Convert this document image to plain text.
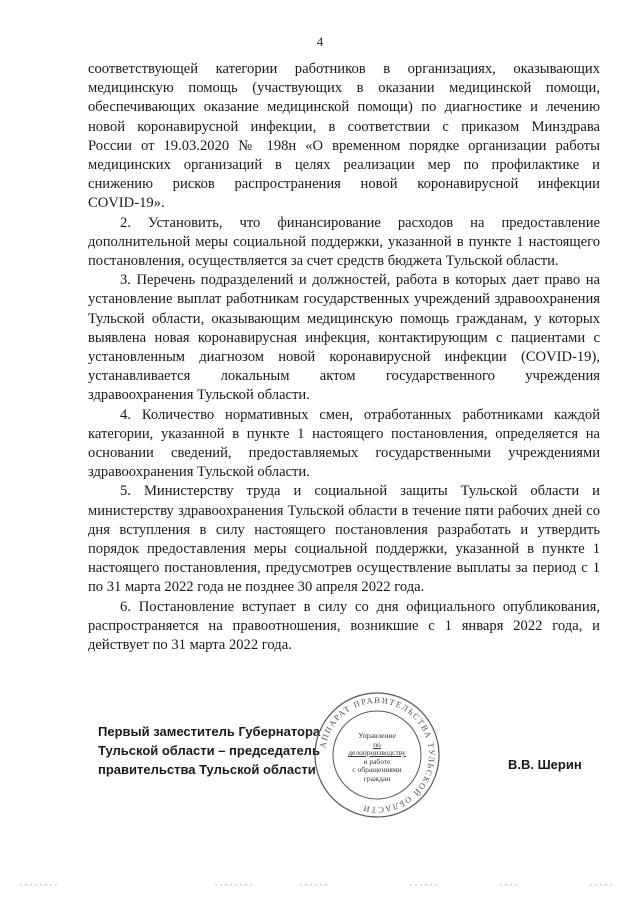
4

соответствующей категории работников в организациях, оказывающих
медицинскую помощь (участвующих в оказании медицинской помощи,
обеспечивающих оказание медицинской помощи) по диагностике и лечению
новой коронавирусной инфекции, в соответствии с приказом Минздрава
России от 19.03.2020 № 198н «О временном порядке организации работы
медицинских организаций в целях реализации мер по профилактике и
снижению рисков распространения новой коронавирусной инфекции
COVID-19».

2. Установить, что финансирование расходов на предоставление дополнительной меры социальной поддержки, указанной в пункте 1 настоящего постановления, осуществляется за счет средств бюджета Тульской области.

3. Перечень подразделений и должностей, работа в которых дает право на установление выплат работникам государственных учреждений здравоохранения Тульской области, оказывающим медицинскую помощь гражданам, у которых выявлена новая коронавирусная инфекция, контактирующим с пациентами с установленным диагнозом новой коронавирусной инфекции (COVID-19), устанавливается локальным актом государственного учреждения здравоохранения Тульской области.

4. Количество нормативных смен, отработанных работниками каждой категории, указанной в пункте 1 настоящего постановления, определяется на основании сведений, предоставляемых государственными учреждениями здравоохранения Тульской области.

5. Министерству труда и социальной защиты Тульской области и министерству здравоохранения Тульской области в течение пяти рабочих дней со дня вступления в силу настоящего постановления разработать и утвердить порядок предоставления меры социальной поддержки, указанной в пункте 1 настоящего постановления, предусмотрев осуществление выплаты за период с 1 по 31 марта 2022 года не позднее 30 апреля 2022 года.

6. Постановление вступает в силу со дня официального опубликования, распространяется на правоотношения, возникшие с 1 января 2022 года, и действует по 31 марта 2022 года.

Первый заместитель Губернатора
Тульской области – председатель
правительства Тульской области
АППАРАТ ПРАВИТЕЛЬСТВА ТУЛЬСКОЙ ОБЛАСТИ
Управление
по делопроизводству
и работе
с обращениями
граждан
В.В. Шерин
